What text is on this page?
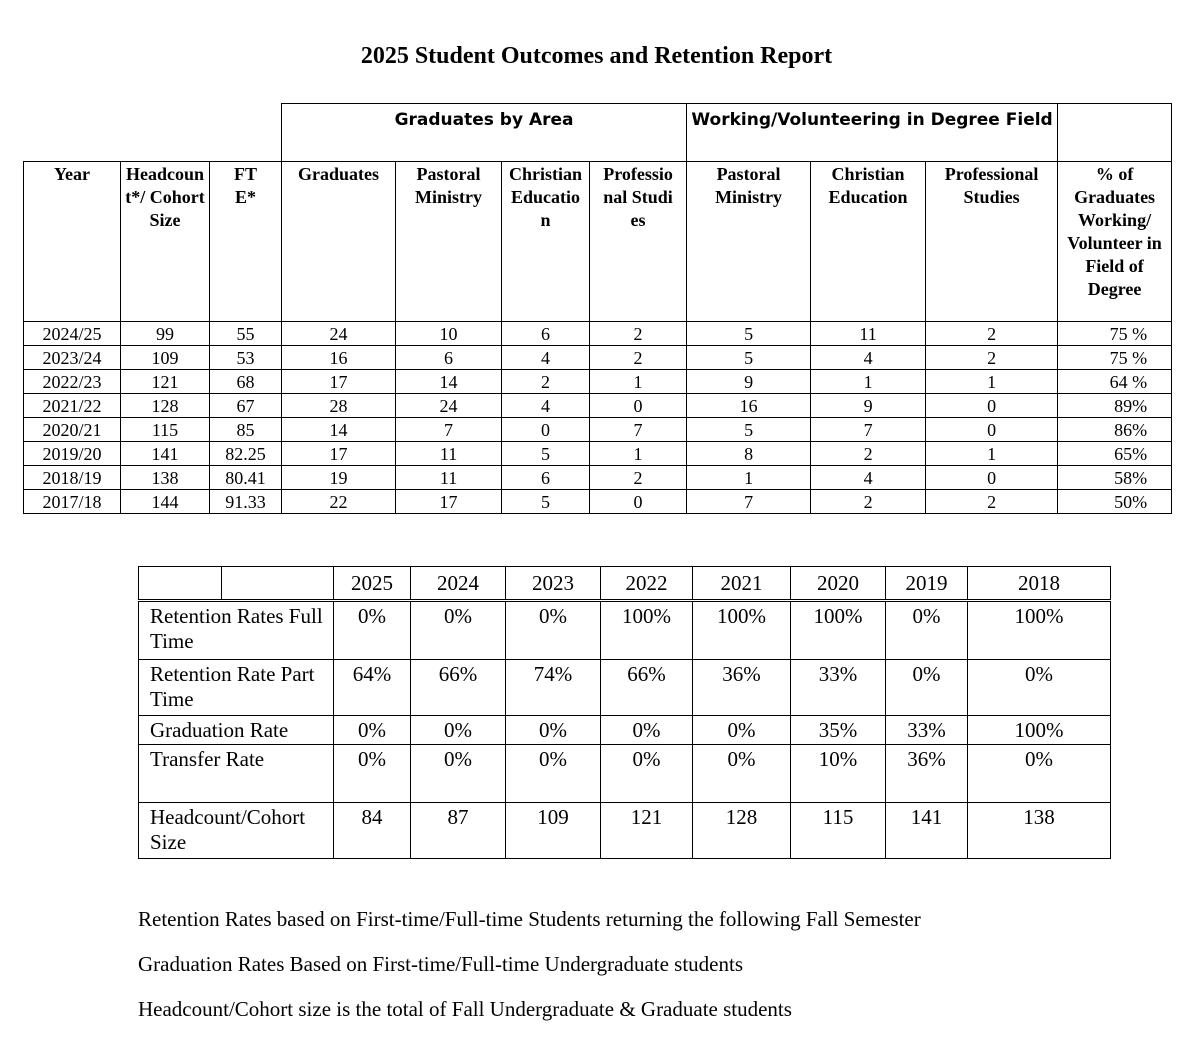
2025 Student Outcomes and Retention Report
			Graduates by Area				Working/Volunteering in Degree Field			
Year	Headcount*/ Cohort Size	FTE*	Graduates	Pastoral Ministry	Christian Education	Professional Studies	Pastoral Ministry	Christian Education	Professional Studies	% of Graduates Working/ Volunteer in Field of Degree
2024/25	99	55	24	10	6	2	5	11	2	75 %
2023/24	109	53	16	6	4	2	5	4	2	75 %
2022/23	121	68	17	14	2	1	9	1	1	64 %
2021/22	128	67	28	24	4	0	16	9	0	89%
2020/21	115	85	14	7	0	7	5	7	0	86%
2019/20	141	82.25	17	11	5	1	8	2	1	65%
2018/19	138	80.41	19	11	6	2	1	4	0	58%
2017/18	144	91.33	22	17	5	0	7	2	2	50%
		2025	2024	2023	2022	2021	2020	2019	2018
Retention Rates Full Time		0%	0%	0%	100%	100%	100%	0%	100%
Retention Rate Part Time		64%	66%	74%	66%	36%	33%	0%	0%
Graduation Rate		0%	0%	0%	0%	0%	35%	33%	100%
Transfer Rate		0%	0%	0%	0%	0%	10%	36%	0%
Headcount/Cohort Size		84	87	109	121	128	115	141	138

Retention Rates based on First-time/Full-time Students returning the following Fall Semester

Graduation Rates Based on First-time/Full-time Undergraduate students

Headcount/Cohort size is the total of Fall Undergraduate & Graduate students
